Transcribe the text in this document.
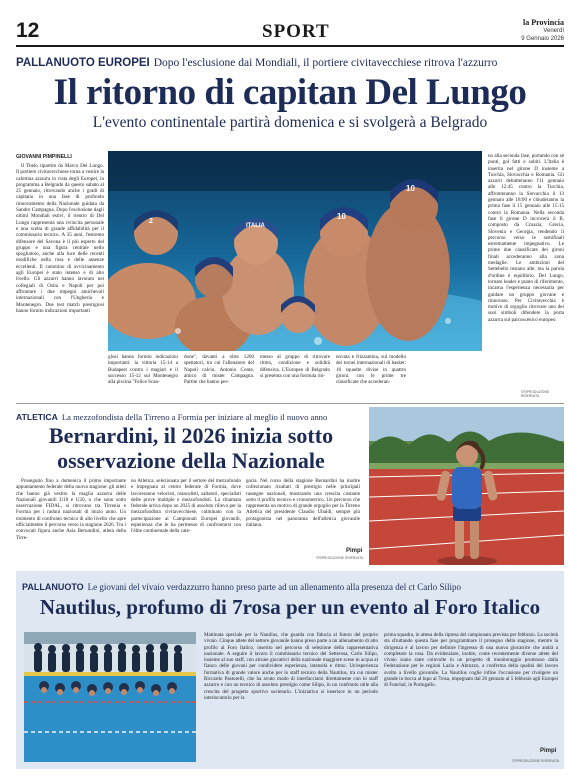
12	SPORT	la Provincia
Venerdì
9 Gennaio 2026
PALLANUOTO EUROPEI Dopo l'esclusione dai Mondiali, il portiere civitavecchiese ritrova l'azzurro
Il ritorno di capitan Del Lungo
L'evento continentale partirà domenica e si svolgerà a Belgrado
GIOVANNI PIMPINELLI
2
ITALIA
10
10

Il Thelo ripartire da Marco Del Lungo. Il portiere civitavecchiese torna a vestire la calottina azzurra in vista degli Europei, in programma a Belgrado da questo sabato al 25 gennaio, ritrovando anche i gradi di capitano in una fase di profondo rinnovamento della Nazionale guidata da Sandro Campagna. Dopo l'esclusione dagli ultimi Mondiali estivi, il rientro di Del Lungo rappresenta una rivincita personale e una scelta di grande affidabilità per il commissario tecnico. A 35 anni, l'estremo difensore del Savona è il più esperto del gruppo e una figura centrale nello spogliatoio, anche alla luce delle recenti modifiche nella rosa e delle assenze eccellenti. Il cammino di avvicinamento agli Europei è stato intenso e di alto livello. Gli azzurri hanno lavorato nei collegiali di Ostia e Napoli per poi affrontare i due impegni amichevoli internazionali con l'Ungheria e Montenegro. Due test match prestigiosi hanno fornito indicazioni importanti

glosi hanno fornito indicazioni importanti: la vittoria 15-14 a Budapest contro i magiari e il successo 15-12 sul Montenegro alla piscina "Felice Scan-

done", davanti a oltre 1200 spettatori, tra cui l'allenatore del Napoli calcio, Antonio Conte, amico di mister Campagna. Partite che hanno per-

messo al gruppo di ritrovare ritmo, condizione e solidità difensiva. L'Europeo di Belgrado si presenta con una formula rin-

novata e frizzantina, sul modello dei tornei internazionali di basket: 16 squadre divise in quattro gironi, con le prime tre classificate che accederan-

no alla seconda fase, portando con sé punti, gol fatti e subiti. L'Italia è inserita nel girone D insieme a Turchia, Slovacchia e Romania. Gli azzurri debutteranno l'11 gennaio alle 12:45 contro la Turchia, affronteranno la Slovacchia il 13 gennaio alle 18:00 e chiuderanno la prima fase il 15 gennaio alle 15:15 contro la Romania. Nella seconda fase il girone D incrocerà il B, composto da Croazia, Grecia, Slovenia e Georgia, rendendo il percorso verso le semifinali estremamente impegnativo. Le prime due classificate dei gironi finali accederanno alla zona medaglie. Le ambizioni del Settebello restano alte, ma la parola d'ordine è equilibrio. Del Lungo, tornato leader e punto di riferimento, incarna l'esperienza necessaria per guidare un gruppo giovane e rinnovato. Per Civitavecchia è motivo di orgoglio ritrovare uno dei suoi simboli difendere la porta azzurra sul palcoscenico europeo.

©RIPRODUZIONE RISERVATA
ATLETICA La mezzofondista della Tirreno a Formia per iniziare al meglio il nuovo anno
Bernardini, il 2026 inizia sotto
osservazione della Nazionale

Proseguito fino a domenica il primo importante appuntamento federale della nuova stagione: gli atleti che hanno già vestito la maglia azzurra delle Nazionali giovanili U18 e U20, o che sono sotto osservazione FIDAL, si ritrovano tra Tirrenia e Formia per i raduni nazionali di inizio anno. Un momento di confronto tecnico di alto livello che apre ufficialmente il percorso verso la stagione 2026. Tra i convocati figura anche Asia Bernardini, atleta della Tirre-

no Atletica, selezionata per il settore del mezzofondo e impegnata al centro federale di Formia, dove lavoreranno velocisti, ostacolisti, saltatori, specialisti delle prove multiple e mezzofondisti. La chiamata federale arriva dopo un 2025 di assoluto rilievo per la mezzofondista civitavecchiese, culminato con la partecipazione ai Campionati Europei giovanili, esperienza che le ha permesso di confrontarsi con l'élite continentale della cate-

goria. Nel corso della stagione Bernardini ha inoltre collezionato risultati di prestigio nelle principali rassegne nazionali, mostrando una crescita costante sotto il profilo tecnico e cronometrico. Un percorso che rappresenta un motivo di grande orgoglio per la Tirreno Atletica del presidente Claudio Ubaldi, sempre più protagonista nel panorama dell'atletica giovanile italiana.

Pimpi
©RIPRODUZIONE RISERVATA
PALLANUOTO Le giovani del vivaio verdazzurro hanno preso parte ad un allenamento alla presenza del ct Carlo Silipo
Nautilus, profumo di 7rosa per un evento al Foro Italico

Mattinata speciale per la Nautilus, che guarda con fiducia al futuro del proprio vivaio. Cinque atlete del settore giovanile hanno preso parte a un allenamento di alto profilo al Foro Italico, inserito nel percorso di selezione della rappresentativa nazionale. A seguire il lavoro il commissario tecnico del Setterosa, Carlo Silipo, insieme al suo staff, con alcune giocatrici della nazionale maggiore scese in acqua al fianco delle giovani per condividere esperienza, intensità e ritmo. Un'esperienza formativa di grande valore anche per lo staff tecnico della Nautilus, tra cui mister Riccardo Pastorelli, che ha avuto modo di interfacciarsi direttamente con lo staff azzurro e con un tecnico di assoluto prestigio come Silipo, in un confronto utile alla crescita del progetto sportivo societario. L'iniziativa si inserisce in un periodo interlocutorio per la

prima squadra, in attesa della ripresa del campionato prevista per febbraio. La società sta sfruttando questa fase per programmare il proseguo della stagione, mentre la dirigenza è al lavoro per definire l'ingresso di una nuova giocatrice che andrà a completare la rosa. Da evidenziare, inoltre, come recentemente diverse atlete del vivaio siano state coinvolte in un progetto di monitoraggio promosso dalla Federazione per le regioni Lazio e Abruzzo, a conferma della qualità del lavoro svolto a livello giovanile. La Nautilus coglie infine l'occasione per rivolgere un grande in bocca al lupo al 7rosa, impegnato dal 26 gennaio al 5 febbraio agli Europei di Funchal, in Portogallo.

Pimpi
©RIPRODUZIONE RISERVATA
